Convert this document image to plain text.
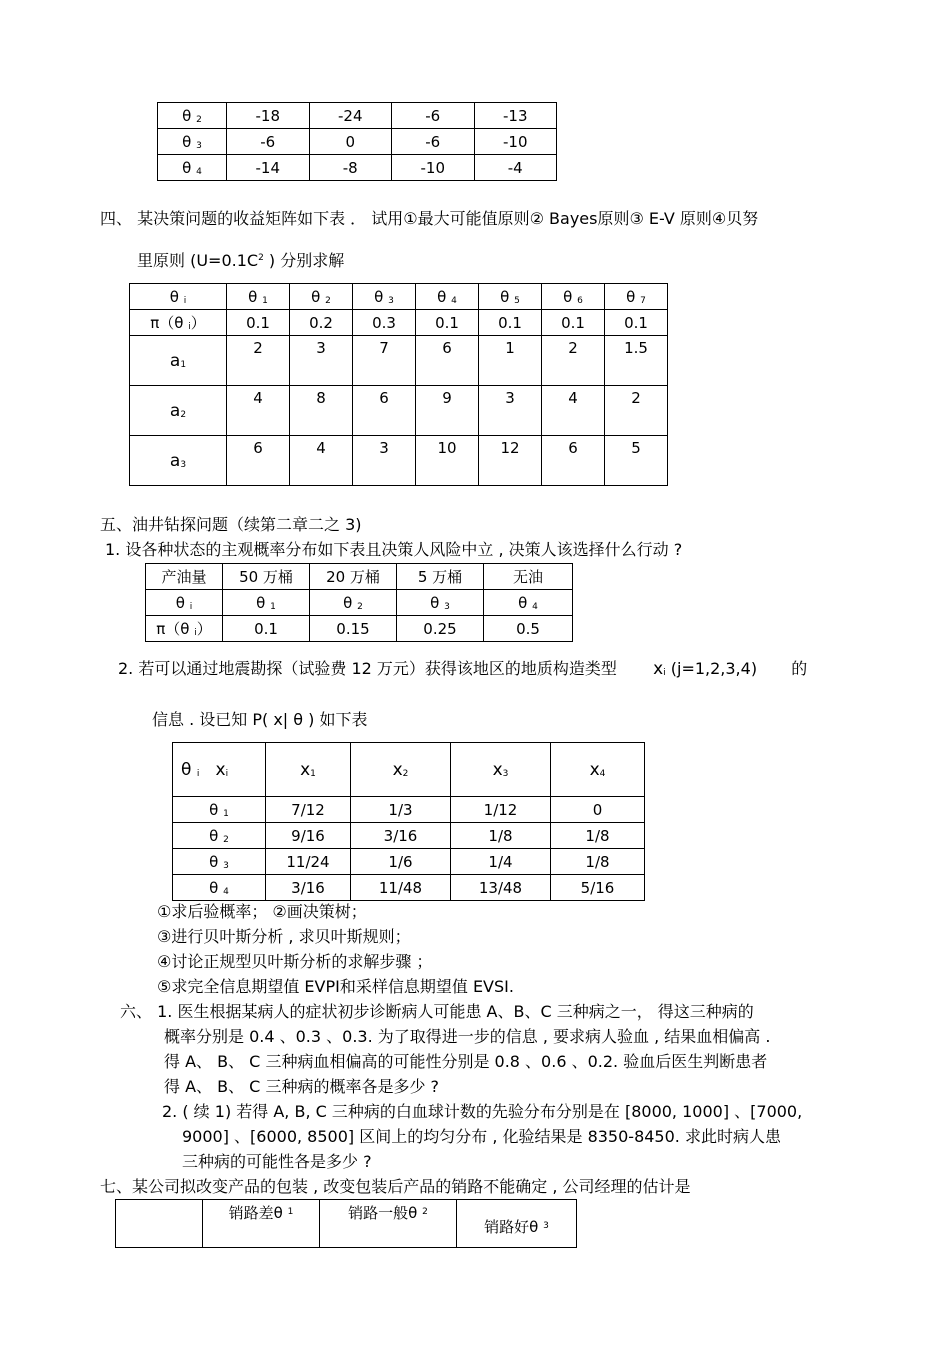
θ $_2$	-18	-24	-6	-13
θ $_3$	-6	0	-6	-10
θ $_4$	-14	-8	-10	-4
四、 某决策问题的收益矩阵如下表 ． 试用①最大可能值原则② Bayes原则③ E-V 原则④贝努
里原则 ($U=0.1C^2$ ) 分别求解
θ $_i$	θ $_1$	θ $_2$	θ $_3$	θ $_4$	θ $_5$	θ $_6$	θ $_7$
π（θ $_i$）	0.1	0.2	0.3	0.1	0.1	0.1	0.1
$a_1$	2	3	7	6	1	2	1.5
$a_2$	4	8	6	9	3	4	2
$a_3$	6	4	3	10	12	6	5
五、油井钻探问题（续第二章二之 3)
1. 设各种状态的主观概率分布如下表且决策人风险中立 , 决策人该选择什么行动 ?
产油量	50 万桶	20 万桶	5 万桶	无油
θ $_i$	θ $_1$	θ $_2$	θ $_3$	θ $_4$
π（θ $_i$）	0.1	0.15	0.25	0.5
2. 若可以通过地震勘探（试验费 12 万元）获得该地区的地质构造类型 $x_i$ (j=1,2,3,4) 的
信息 . 设已知 P( x| θ ) 如下表
θ $_i$ $x_i$	$x_1$	$x_2$	$x_3$	$x_4$
θ $_1$	7/12	1/3	1/12	0
θ $_2$	9/16	3/16	1/8	1/8
θ $_3$	11/24	1/6	1/4	1/8
θ $_4$	3/16	11/48	13/48	5/16
①求后验概率； ②画决策树；
③进行贝叶斯分析 , 求贝叶斯规则；
④讨论正规型贝叶斯分析的求解步骤 ；
⑤求完全信息期望值 EVPI和采样信息期望值 EVSI.
六、 1. 医生根据某病人的症状初步诊断病人可能患 A、B、C 三种病之一， 得这三种病的
概率分别是 0.4 、0.3 、0.3. 为了取得进一步的信息 , 要求病人验血 , 结果血相偏高 .
得 A、 B、 C 三种病血相偏高的可能性分别是 0.8 、0.6 、0.2. 验血后医生判断患者
得 A、 B、 C 三种病的概率各是多少 ?
2. ( 续 1) 若得 A, B, C 三种病的白血球计数的先验分布分别是在 [8000, 1000] 、[7000,
9000] 、[6000, 8500] 区间上的均匀分布 , 化验结果是 8350-8450. 求此时病人患
三种病的可能性各是多少 ?
七、某公司拟改变产品的包装 , 改变包装后产品的销路不能确定 , 公司经理的估计是
	销路差θ $_1$	销路一般θ $_2$	销路好θ $_3$
